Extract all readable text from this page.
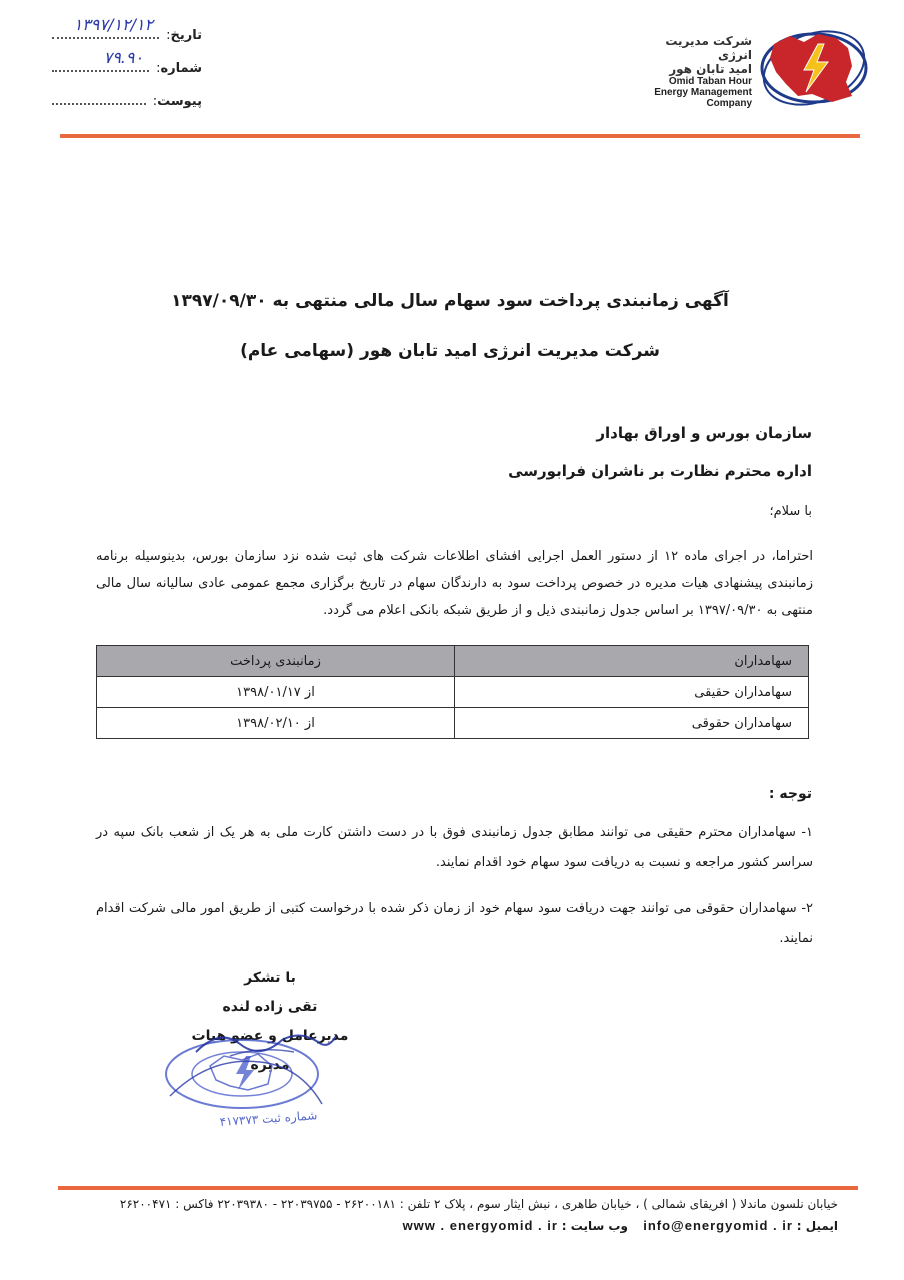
تاریخ
:
۱۳۹۷/۱۲/۱۲
شماره
:
۷۹.۹۰
پیوست
:
شرکت مدیریت انرژی
امید تابان هور
Omid Taban Hour
Energy Management
Company
آگهی زمانبندی پرداخت سود سهام سال مالی منتهی به ۱۳۹۷/۰۹/۳۰
شرکت مدیریت انرژی امید تابان هور (سهامی عام)
سازمان بورس و اوراق بهادار
اداره محترم نظارت بر ناشران فرابورسی
با سلام؛
احتراما، در اجرای ماده ۱۲ از دستور العمل اجرایی افشای اطلاعات شرکت های ثبت شده نزد سازمان بورس، بدینوسیله برنامه زمانبندی پیشنهادی هیات مدیره در خصوص پرداخت سود به دارندگان سهام در تاریخ برگزاری مجمع عمومی عادی سالیانه سال مالی منتهی به ۱۳۹۷/۰۹/۳۰ بر اساس جدول زمانبندی ذیل و از طریق شبکه بانکی اعلام می گردد.
سهامداران	زمانبندی پرداخت
سهامداران حقیقی	از ۱۳۹۸/۰۱/۱۷
سهامداران حقوقی	از ۱۳۹۸/۰۲/۱۰
توجه :
۱- سهامداران محترم حقیقی می توانند مطابق جدول زمانبندی فوق با در دست داشتن کارت ملی به هر یک از شعب بانک سپه در سراسر کشور مراجعه و نسبت به دریافت سود سهام خود اقدام نمایند.
۲- سهامداران حقوقی می توانند جهت دریافت سود سهام خود از زمان ذکر شده با درخواست کتبی از طریق امور مالی شرکت اقدام نمایند.
با تشکر
تقی زاده لنده
مدیرعامل و عضو هیات مدیره
شماره ثبت ۴۱۷۳۷۳
خیابان نلسون ماندلا ( افریقای شمالی ) ، خیابان طاهری ، نبش ایثار سوم ، پلاک ۲ تلفن : ۲۶۲۰۰۱۸۱ - ۲۲۰۳۹۷۵۵ - ۲۲۰۳۹۳۸۰ فاکس : ۲۶۲۰۰۴۷۱
ایمیل : info@energyomid . ir    وب سایت : www . energyomid . ir
